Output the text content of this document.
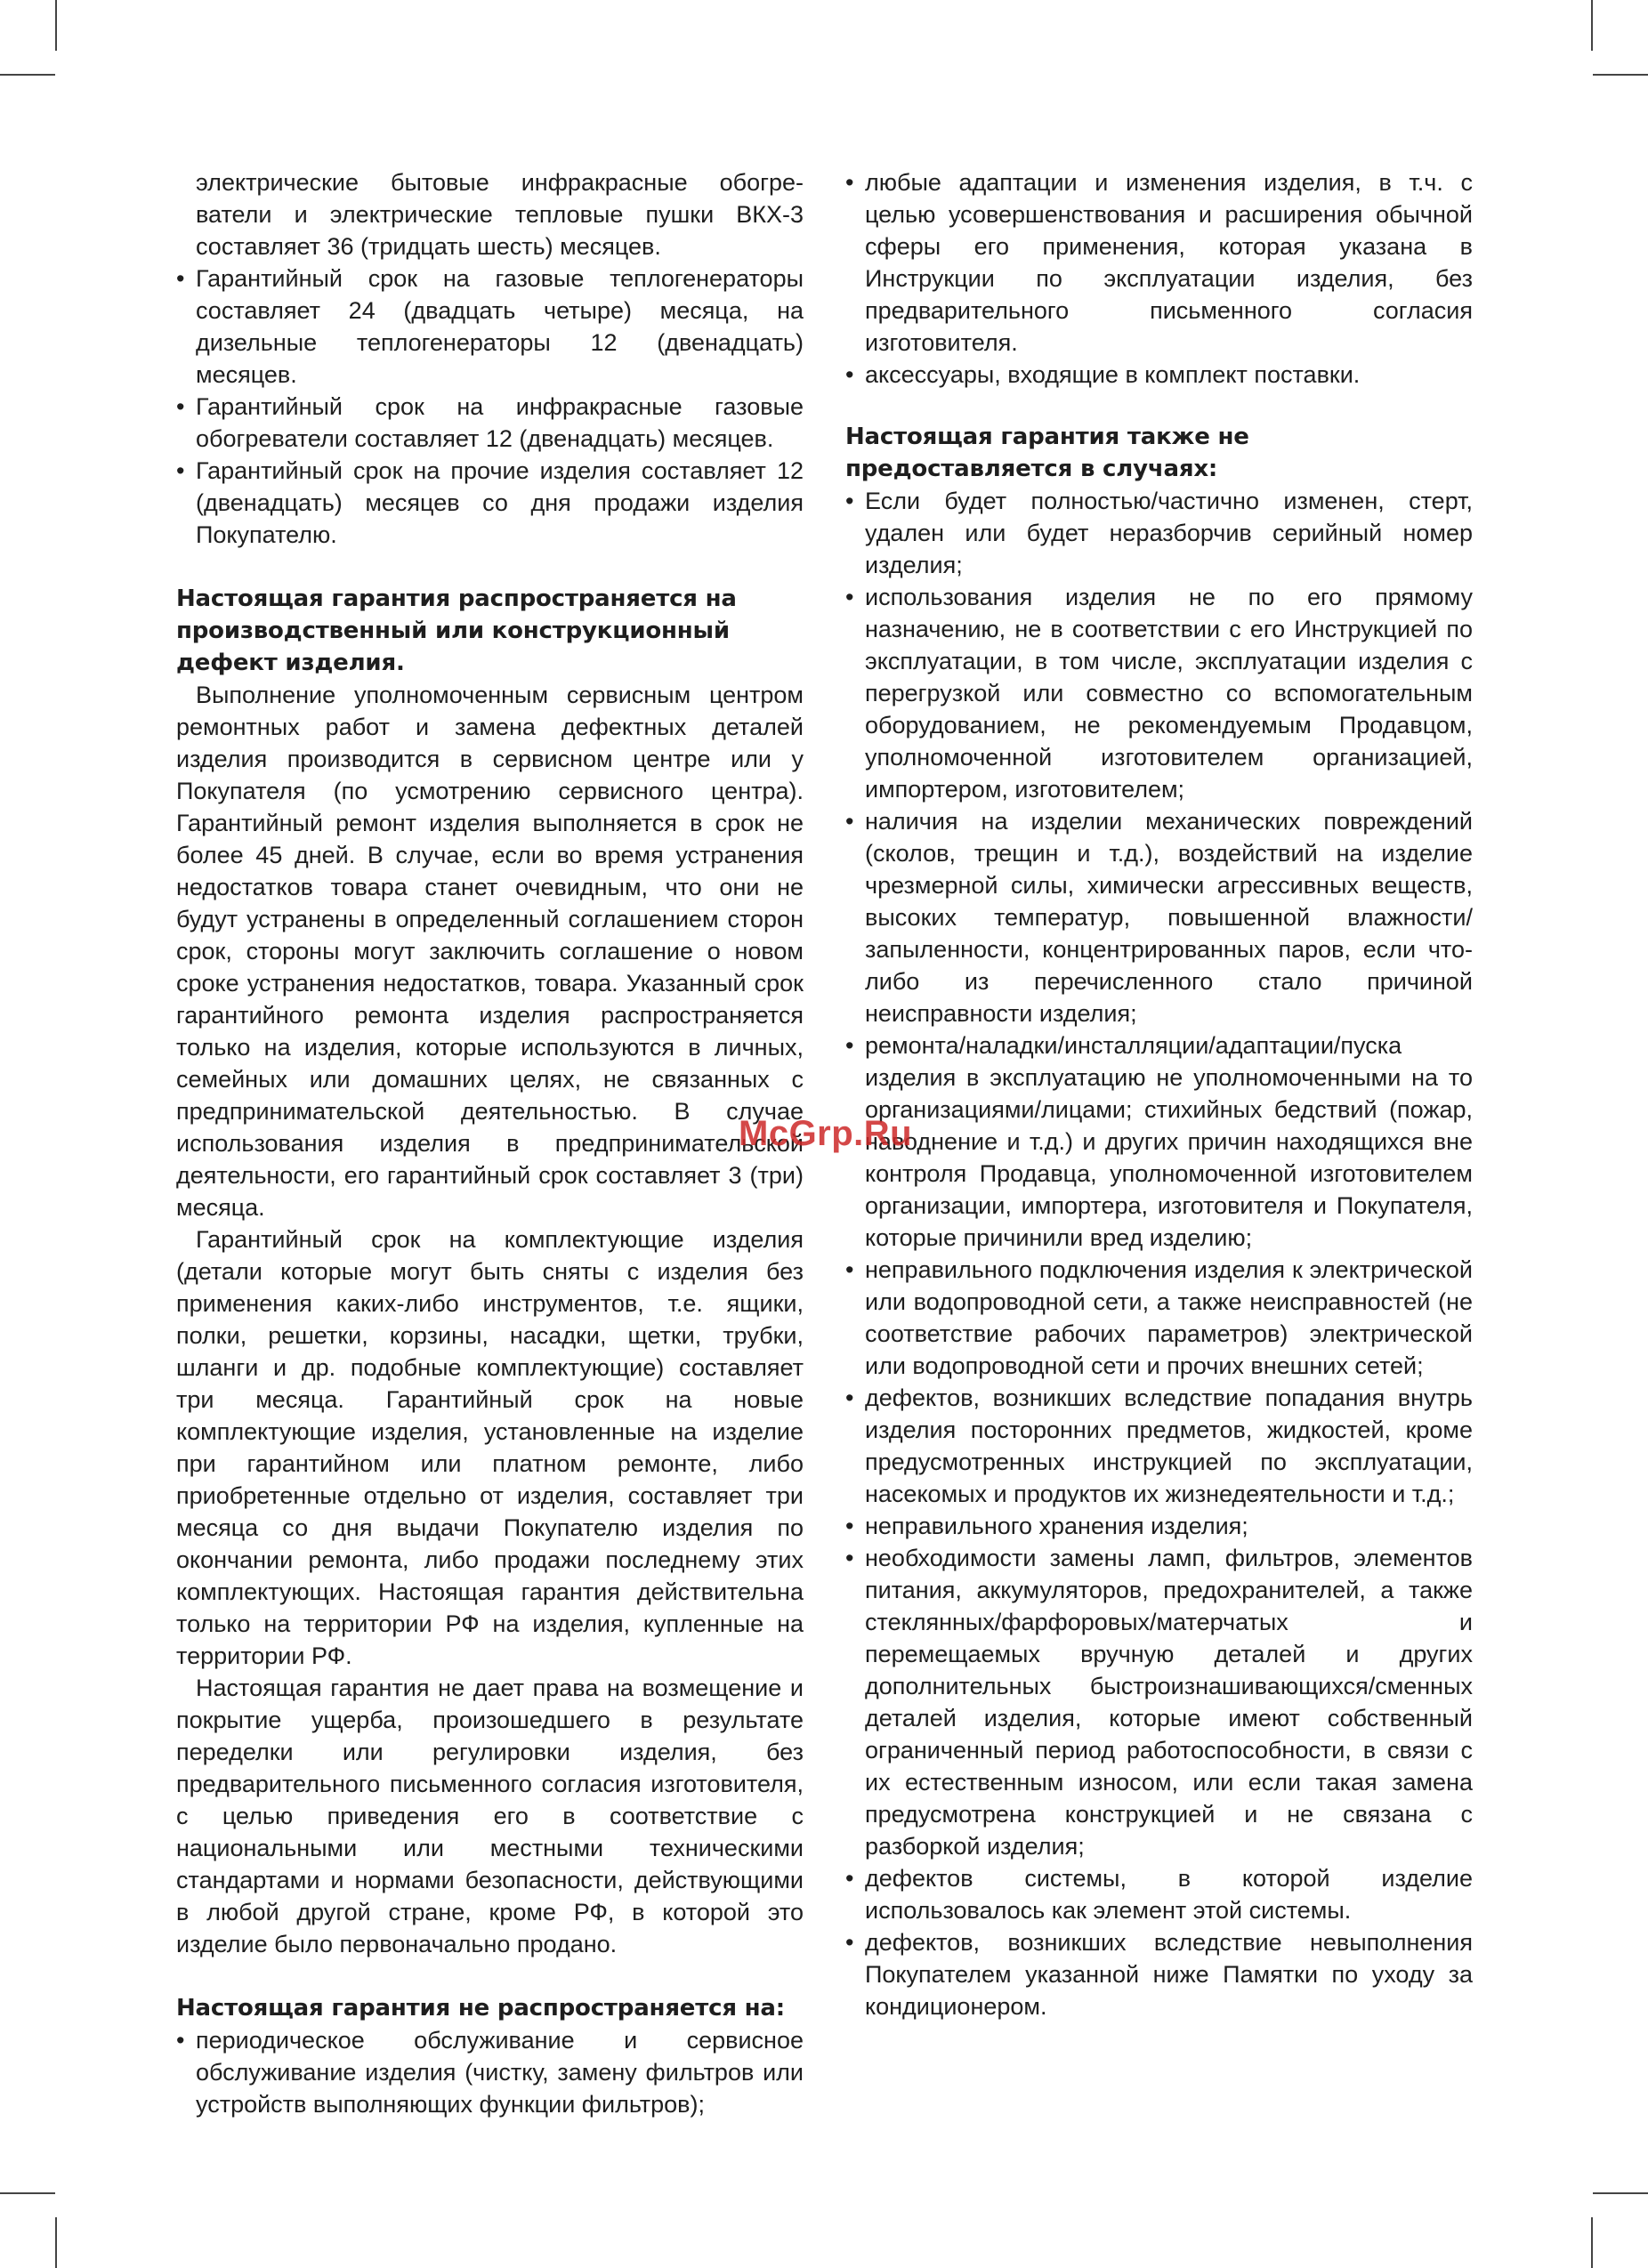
электрические бытовые инфракрасные обогре-

ватели и электрические тепловые пушки ВКХ-3

составляет 36 (тридцать шесть) месяцев.

• Гарантийный срок на газовые теплогенераторы составляет 24 (двадцать четыре) месяца, на дизельные теплогенераторы 12 (двенадцать) месяцев.

• Гарантийный срок на инфракрасные газовые обогреватели составляет 12 (двенадцать) месяцев.

• Гарантийный срок на прочие изделия составляет 12 (двенадцать) месяцев со дня продажи изделия Покупателю.

Настоящая гарантия распространяется на производственный или конструкционный дефект изделия.

Выполнение уполномоченным сервисным центром ремонтных работ и замена дефектных деталей изделия производится в сервисном центре или у Покупателя (по усмотрению сервисного центра). Гарантийный ремонт изделия выполняется в срок не более 45 дней. В случае, если во время устранения недостатков товара станет очевидным, что они не будут устранены в определенный соглашением сторон срок, стороны могут заключить соглашение о новом сроке устранения недостатков, товара. Указанный срок гарантийного ремонта изделия распространяется только на изделия, которые используются в личных, семейных или домашних целях, не связанных с предпринимательской деятельностью. В случае использования изделия в предпринимательской деятельности, его гарантийный срок составляет 3 (три) месяца.

Гарантийный срок на комплектующие изделия (детали которые могут быть сняты с изделия без применения каких-либо инструментов, т.е. ящики, полки, решетки, корзины, насадки, щетки, трубки, шланги и др. подобные комплектующие) составляет три месяца. Гарантийный срок на новые комплектующие изделия, установленные на изделие при гарантийном или платном ремонте, либо приобретенные отдельно от изделия, составляет три месяца со дня выдачи Покупателю изделия по окончании ремонта, либо продажи последнему этих комплектующих. Настоящая гарантия действительна только на территории РФ на изделия, купленные на территории РФ.

Настоящая гарантия не дает права на возмещение и покрытие ущерба, произошедшего в результате переделки или регулировки изделия, без предварительного письменного согласия изготовителя, с целью приведения его в соответствие с национальными или местными техническими стандартами и нормами безопасности, действующими в любой другой стране, кроме РФ, в которой это изделие было первоначально продано.

Настоящая гарантия не распространяется на:

• периодическое обслуживание и сервисное обслуживание изделия (чистку, замену фильтров или устройств выполняющих функции фильтров);

• любые адаптации и изменения изделия, в т.ч. с целью усовершенствования и расширения обычной сферы его применения, которая указана в Инструкции по эксплуатации изделия, без предварительного письменного согласия изготовителя.

• аксессуары, входящие в комплект поставки.

Настоящая гарантия также не предоставляется в случаях:

• Если будет полностью/частично изменен, стерт, удален или будет неразборчив серийный номер изделия;

• использования изделия не по его прямому назначению, не в соответствии с его Инструкцией по эксплуатации, в том числе, эксплуатации изделия с перегрузкой или совместно со вспомогательным оборудованием, не рекомендуемым Продавцом, уполномоченной изготовителем организацией, импортером, изготовителем;

• наличия на изделии механических повреждений (сколов, трещин и т.д.), воздействий на изделие чрезмерной силы, химически агрессивных веществ, высоких температур, повышенной влажности/запыленности, концентрированных паров, если что-либо из перечисленного стало причиной неисправности изделия;

• ремонта/наладки/инсталляции/адаптации/пуска изделия в эксплуатацию не уполномоченными на то организациями/лицами; стихийных бедствий (пожар, наводнение и т.д.) и других причин находящихся вне контроля Продавца, уполномоченной изготовителем организации, импортера, изготовителя и Покупателя, которые причинили вред изделию;

• неправильного подключения изделия к электрической или водопроводной сети, а также неисправностей (не соответствие рабочих параметров) электрической или водопроводной сети и прочих внешних сетей;

• дефектов, возникших вследствие попадания внутрь изделия посторонних предметов, жидкостей, кроме предусмотренных инструкцией по эксплуатации, насекомых и продуктов их жизнедеятельности и т.д.;

• неправильного хранения изделия;

• необходимости замены ламп, фильтров, элементов питания, аккумуляторов, предохранителей, а также стеклянных/фарфоровых/матерчатых и перемещаемых вручную деталей и других дополнительных быстроизнашивающихся/сменных деталей изделия, которые имеют собственный ограниченный период работоспособности, в связи с их естественным износом, или если такая замена предусмотрена конструкцией и не связана с разборкой изделия;

• дефектов системы, в которой изделие использовалось как элемент этой системы.

• дефектов, возникших вследствие невыполнения Покупателем указанной ниже Памятки по уходу за кондиционером.

McGrp.Ru
